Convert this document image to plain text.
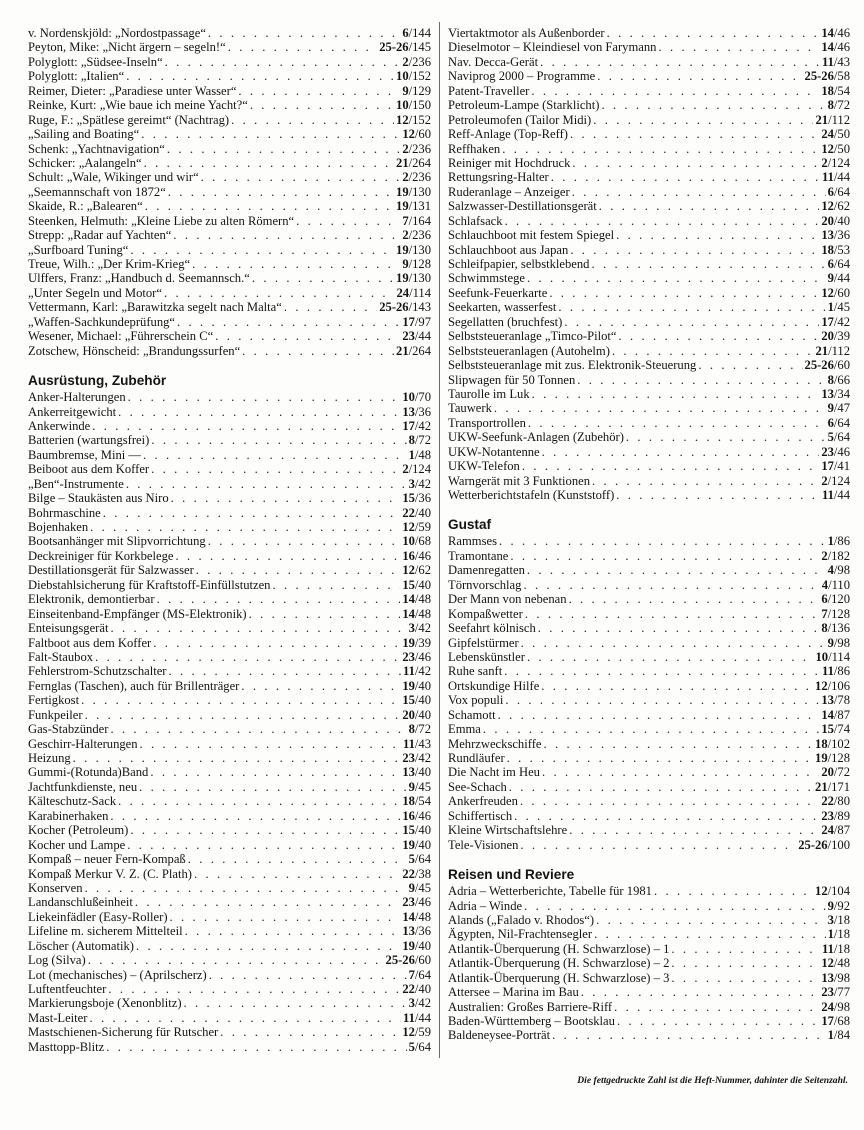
v. Nordenskjöld: „Nordostpassage“ . . .	6/144
Peyton, Mike: „Nicht ärgern – segeln!“ . . .	25-26/145
Polyglott: „Südsee-Inseln“ . . .	2/236
Polyglott: „Italien“ . . .	10/152
Reimer, Dieter: „Paradiese unter Wasser“ . . .	9/129
Reinke, Kurt: „Wie baue ich meine Yacht?“ . . .	10/150
Ruge, F.: „Spätlese gereimt“ (Nachtrag) . . .	12/152
„Sailing and Boating“ . . .	12/60
Schenk: „Yachtnavigation“ . . .	2/236
Schicker: „Aalangeln“ . . .	21/264
Schult: „Wale, Wikinger und wir“ . . .	2/236
„Seemannschaft von 1872“ . . .	19/130
Skaide, R.: „Balearen“ . . .	19/131
Steenken, Helmuth: „Kleine Liebe zu alten Römern“ . . .	7/164
Strepp: „Radar auf Yachten“ . . .	2/236
„Surfboard Tuning“ . . .	19/130
Treue, Wilh.: „Der Krim-Krieg“ . . .	9/128
Ulffers, Franz: „Handbuch d. Seemannsch.“ . . .	19/130
„Unter Segeln und Motor“ . . .	24/114
Vettermann, Karl: „Barawitzka segelt nach Malta“ . . .	25-26/143
„Waffen-Sachkundeprüfung“ . . .	17/97
Wesener, Michael: „Führerschein C“ . . .	23/44
Zotschew, Hönscheid: „Brandungssurfen“ . . .	21/264
Ausrüstung, Zubehör
Anker-Halterungen . . .	10/70
Ankerreitgewicht . . .	13/36
Ankerwinde . . .	17/42
Batterien (wartungsfrei) . . .	8/72
Baumbremse, Mini –– . . .	1/48
Beiboot aus dem Koffer . . .	2/124
„Ben“-Instrumente . . .	3/42
Bilge – Staukästen aus Niro . . .	15/36
Bohrmaschine . . .	22/40
Bojenhaken . . .	12/59
Bootsanhänger mit Slipvorrichtung . . .	10/68
Deckreiniger für Korkbelege . . .	16/46
Destillationsgerät für Salzwasser . . .	12/62
Diebstahlsicherung für Kraftstoff-Einfüllstutzen . . .	15/40
Elektronik, demontierbar . . .	14/48
Einseitenband-Empfänger (MS-Elektronik) . . .	14/48
Enteisungsgerät . . .	3/42
Faltboot aus dem Koffer . . .	19/39
Falt-Staubox . . .	23/46
Fehlerstrom-Schutzschalter . . .	11/42
Fernglas (Taschen), auch für Brillenträger . . .	19/40
Fertigkost . . .	15/40
Funkpeiler . . .	20/40
Gas-Stabzünder . . .	8/72
Geschirr-Halterungen . . .	11/43
Heizung . . .	23/42
Gummi-(Rotunda)Band . . .	13/40
Jachtfunkdienste, neu . . .	9/45
Kälteschutz-Sack . . .	18/54
Karabinerhaken . . .	16/46
Kocher (Petroleum) . . .	15/40
Kocher und Lampe . . .	19/40
Kompaß – neuer Fern-Kompaß . . .	5/64
Kompaß Merkur V. Z. (C. Plath) . . .	22/38
Konserven . . .	9/45
Landanschlußeinheit . . .	23/46
Liekeinfädler (Easy-Roller) . . .	14/48
Lifeline m. sicherem Mittelteil . . .	13/36
Löscher (Automatik) . . .	19/40
Log (Silva) . . .	25-26/60
Lot (mechanisches) – (Aprilscherz) . . .	7/64
Luftentfeuchter . . .	22/40
Markierungsboje (Xenonblitz) . . .	3/42
Mast-Leiter . . .	11/44
Mastschienen-Sicherung für Rutscher . . .	12/59
Masttopp-Blitz . . .	5/64
Viertaktmotor als Außenborder . . .	14/46
Dieselmotor – Kleindiesel von Farymann . . .	14/46
Nav. Decca-Gerät . . .	11/43
Naviprog 2000 – Programme . . .	25-26/58
Patent-Traveller . . .	18/54
Petroleum-Lampe (Starklicht) . . .	8/72
Petroleumofen (Tailor Midi) . . .	21/112
Reff-Anlage (Top-Reff) . . .	24/50
Reffhaken . . .	12/50
Reiniger mit Hochdruck . . .	2/124
Rettungsring-Halter . . .	11/44
Ruderanlage – Anzeiger . . .	6/64
Salzwasser-Destillationsgerät . . .	12/62
Schlafsack . . .	20/40
Schlauchboot mit festem Spiegel . . .	13/36
Schlauchboot aus Japan . . .	18/53
Schleifpapier, selbstklebend . . .	6/64
Schwimmstege . . .	9/44
Seefunk-Feuerkarte . . .	12/60
Seekarten, wasserfest . . .	1/45
Segellatten (bruchfest) . . .	17/42
Selbststeueranlage „Timco-Pilot“ . . .	20/39
Selbststeueranlagen (Autohelm) . . .	21/112
Selbststeueranlage mit zus. Elektronik-Steuerung . . .	25-26/60
Slipwagen für 50 Tonnen . . .	8/66
Taurolle im Luk . . .	13/34
Tauwerk . . .	9/47
Transportrollen . . .	6/64
UKW-Seefunk-Anlagen (Zubehör) . . .	5/64
UKW-Notantenne . . .	23/46
UKW-Telefon . . .	17/41
Warngerät mit 3 Funktionen . . .	2/124
Wetterberichtstafeln (Kunststoff) . . .	11/44
Gustaf
Rammses . . .	1/86
Tramontane . . .	2/182
Damenregatten . . .	4/98
Törnvorschlag . . .	4/110
Der Mann von nebenan . . .	6/120
Kompaßwetter . . .	7/128
Seefahrt kölnisch . . .	8/136
Gipfelstürmer . . .	9/98
Lebenskünstler . . .	10/114
Ruhe sanft . . .	11/86
Ortskundige Hilfe . . .	12/106
Vox populi . . .	13/78
Schamott . . .	14/87
Emma . . .	15/74
Mehrzweckschiffe . . .	18/102
Rundläufer . . .	19/128
Die Nacht im Heu . . .	20/72
See-Schach . . .	21/171
Ankerfreuden . . .	22/80
Schiffertisch . . .	23/89
Kleine Wirtschaftslehre . . .	24/87
Tele-Visionen . . .	25-26/100
Reisen und Reviere
Adria – Wetterberichte, Tabelle für 1981 . . .	12/104
Adria – Winde . . .	9/92
Alands („Falado v. Rhodos“) . . .	3/18
Ägypten, Nil-Frachtensegler . . .	1/18
Atlantik-Überquerung (H. Schwarzlose) – 1 . . .	11/18
Atlantik-Überquerung (H. Schwarzlose) – 2 . . .	12/48
Atlantik-Überquerung (H. Schwarzlose) – 3 . . .	13/98
Attersee – Marina im Bau . . .	23/77
Australien: Großes Barriere-Riff . . .	24/98
Baden-Württemberg – Bootsklau . . .	17/68
Baldeneysee-Porträt . . .	1/84
Die fettgedruckte Zahl ist die Heft-Nummer, dahinter die Seitenzahl.
